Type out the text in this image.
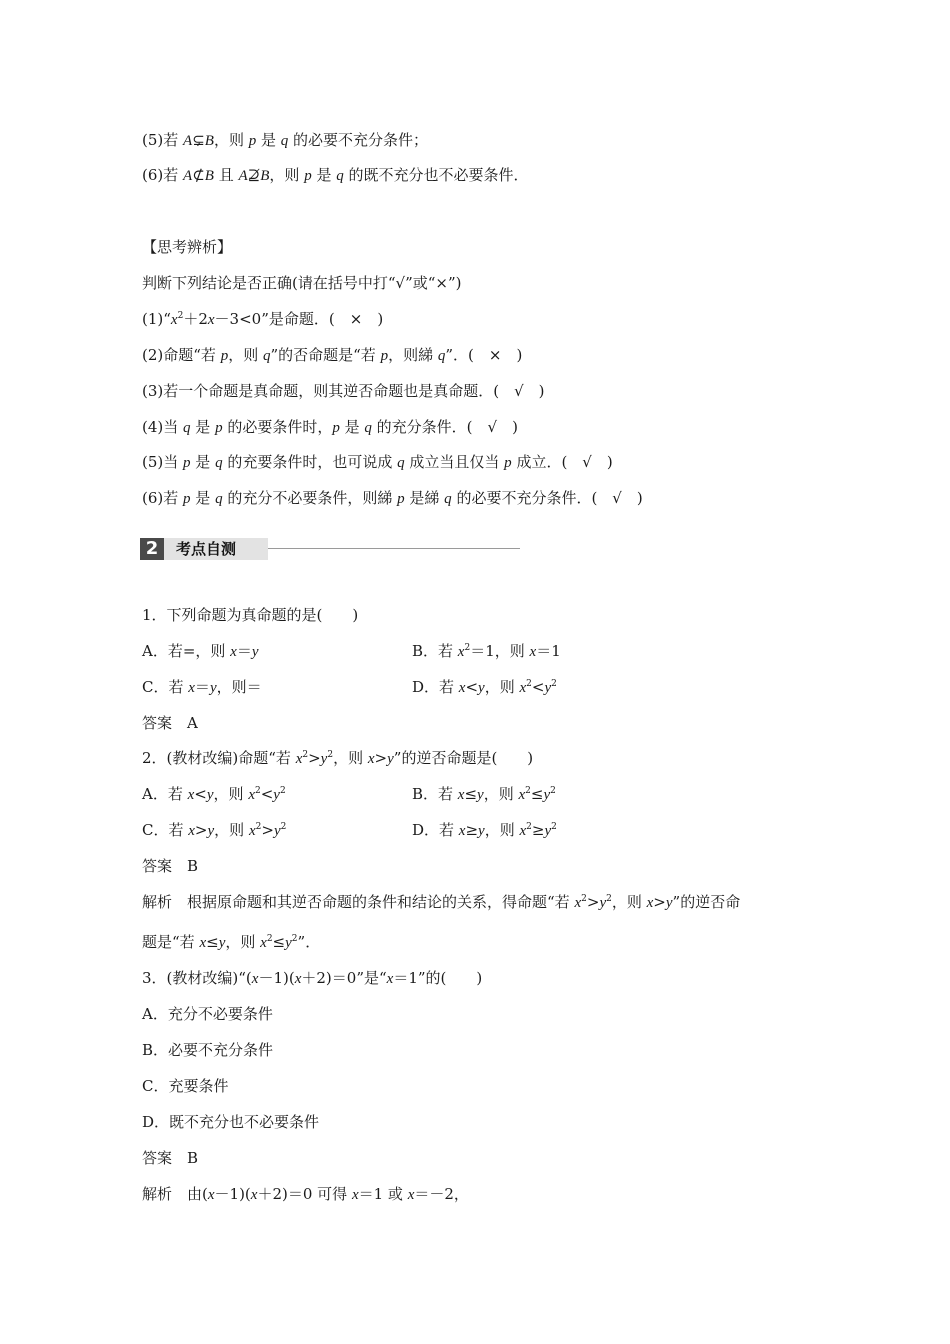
(5)若 A⊊B，则 p 是 q 的必要不充分条件；
(6)若 A⊄B 且 A⊉B，则 p 是 q 的既不充分也不必要条件．
【思考辨析】
判断下列结论是否正确(请在括号中打“√”或“×”)
$(1)“x^2+2x-3<0$”是命题．(　×　)
(2)命题“若 p，则 q”的否命题是“若 p，则綈 q”．(　×　)
(3)若一个命题是真命题，则其逆否命题也是真命题．(　√　)
(4)当 q 是 p 的必要条件时，p 是 q 的充分条件．(　√　)
(5)当 p 是 q 的充要条件时，也可说成 q 成立当且仅当 p 成立．(　√　)
(6)若 p 是 q 的充分不必要条件，则綈 p 是綈 q 的必要不充分条件．(　√　)
2	考点自测
1．下列命题为真命题的是(　　)
A．若=，则 x＝y	B．若 $x^2=1$，则 x＝1
C．若 x＝y，则＝	D．若 x<y，则 $x^2<y^2$
答案　A
2．(教材改编)命题“若 $x^2>y^2$，则 x>y”的逆否命题是(　　)
A．若 x<y，则 $x^2<y^2$	B．若 x≤y，则 $x^2\le y^2$
C．若 x>y，则 $x^2>y^2$	D．若 x≥y，则 $x^2\ge y^2$
答案　B
解析　根据原命题和其逆否命题的条件和结论的关系，得命题“若 $x^2>y^2$，则 x>y”的逆否命
题是“若 x≤y，则 $x^2\le y^2$”．
3．(教材改编)“(x－1)(x＋2)＝0”是“x＝1”的(　　)
A．充分不必要条件
B．必要不充分条件
C．充要条件
D．既不充分也不必要条件
答案　B
解析　由(x－1)(x＋2)＝0 可得 x＝1 或 x＝－2，
